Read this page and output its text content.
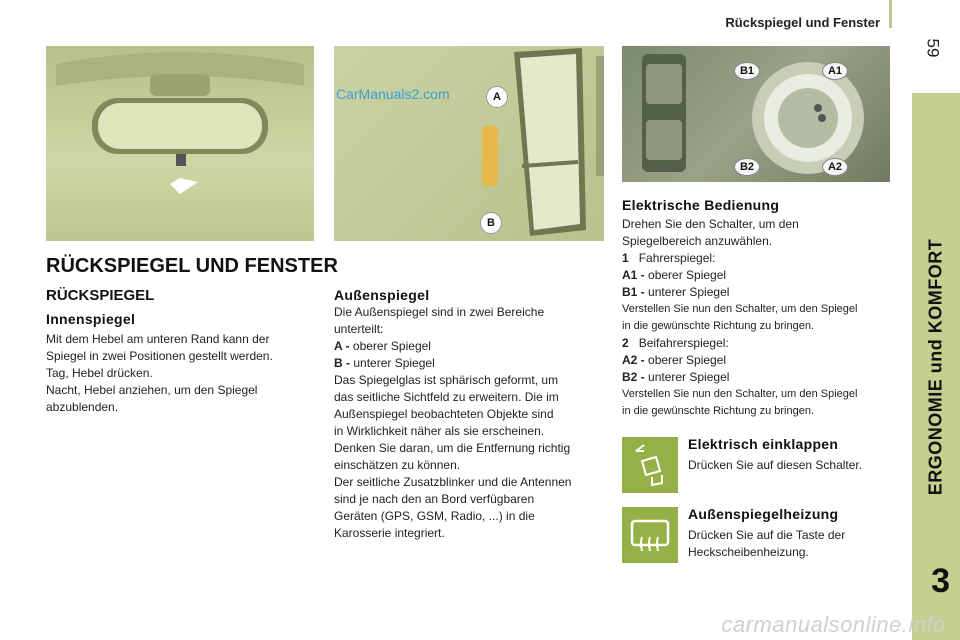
Rückspiegel und Fenster
59
ERGONOMIE und KOMFORT
3
A
B
CarManuals2.com
B1	A1
B2	A2
RÜCKSPIEGEL UND FENSTER
RÜCKSPIEGEL
Innenspiegel
Mit dem Hebel am unteren Rand kann der
Spiegel in zwei Positionen gestellt werden.
Tag, Hebel drücken.
Nacht, Hebel anziehen, um den Spiegel
abzublenden.
Außenspiegel
Die Außenspiegel sind in zwei Bereiche
unterteilt:
A - oberer Spiegel
B - unterer Spiegel
Das Spiegelglas ist sphärisch geformt, um
das seitliche Sichtfeld zu erweitern. Die im
Außenspiegel beobachteten Objekte sind
in Wirklichkeit näher als sie erscheinen.
Denken Sie daran, um die Entfernung richtig
einschätzen zu können.
Der seitliche Zusatzblinker und die Antennen
sind je nach den an Bord verfügbaren
Geräten (GPS, GSM, Radio, ...) in die
Karosserie integriert.
Elektrische Bedienung
Drehen Sie den Schalter, um den
Spiegelbereich anzuwählen.
1 Fahrerspiegel:
A1 - oberer Spiegel
B1 - unterer Spiegel
Verstellen Sie nun den Schalter, um den Spiegel
in die gewünschte Richtung zu bringen.
2 Beifahrerspiegel:
A2 - oberer Spiegel
B2 - unterer Spiegel
Verstellen Sie nun den Schalter, um den Spiegel
in die gewünschte Richtung zu bringen.
Elektrisch einklappen
Drücken Sie auf diesen Schalter.
Außenspiegelheizung
Drücken Sie auf die Taste der
Heckscheibenheizung.
carmanualsonline.info
